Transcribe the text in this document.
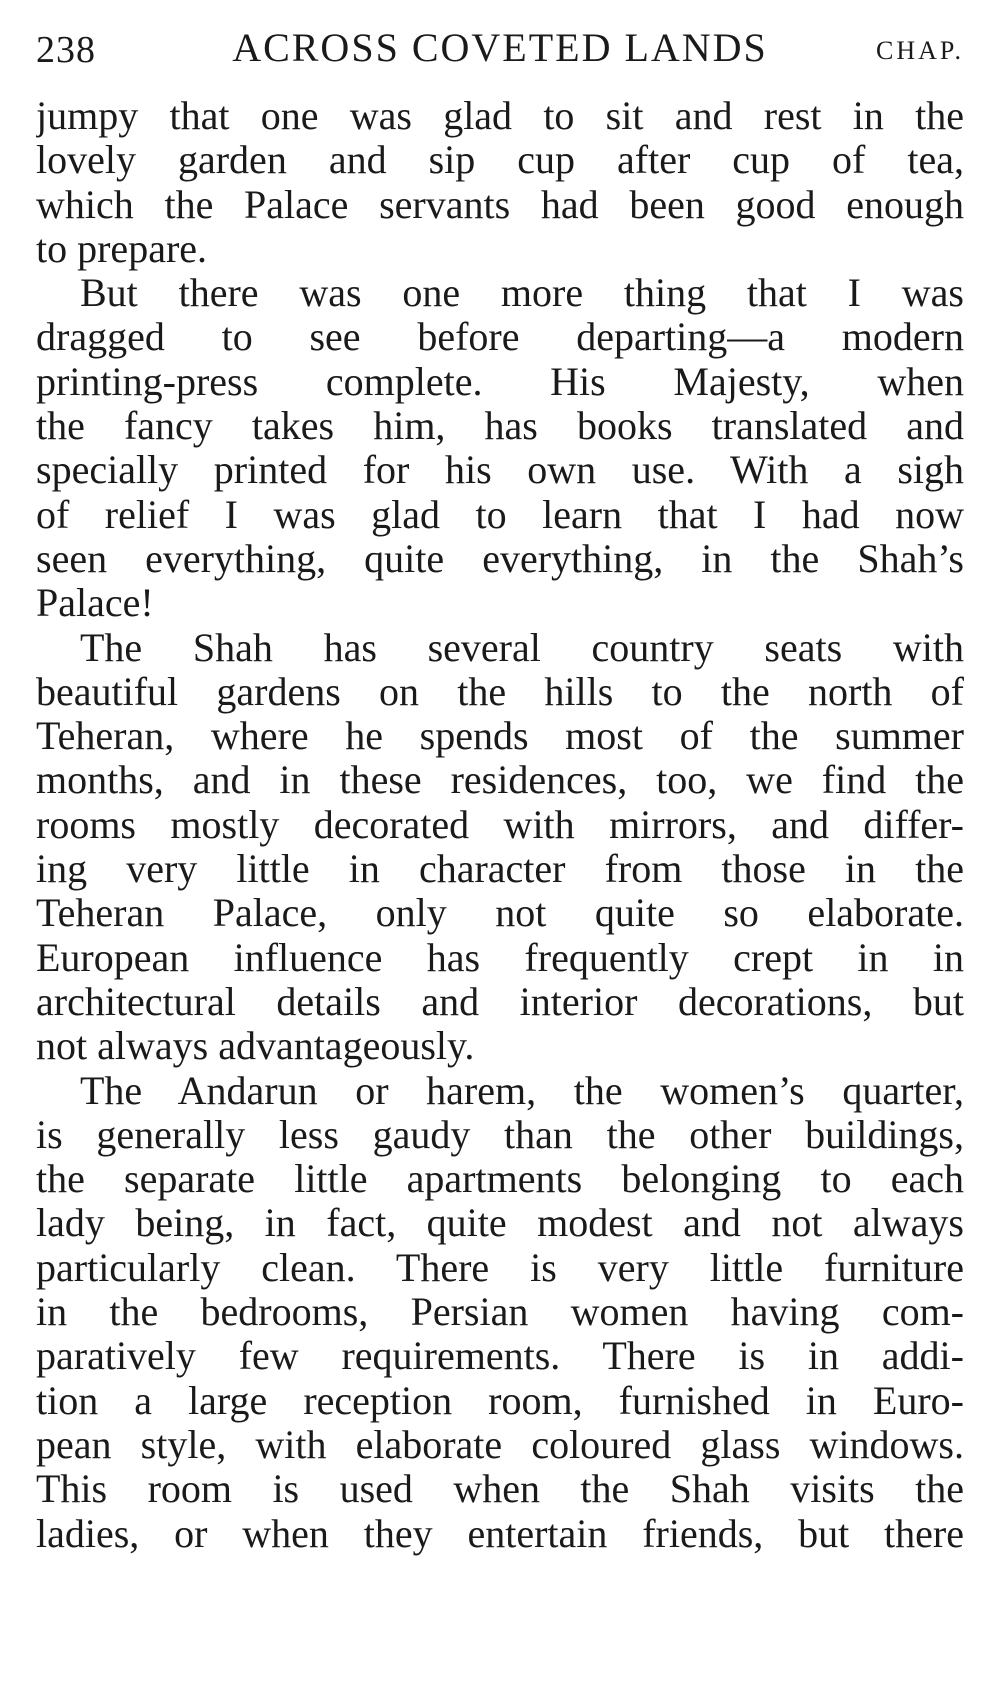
238	ACROSS COVETED LANDS	CHAP.

jumpy that one was glad to sit and rest in the
lovely garden and sip cup after cup of tea,
which the Palace servants had been good enough
to prepare.

But there was one more thing that I was
dragged to see before departing—a modern
printing-press complete. His Majesty, when
the fancy takes him, has books translated and
specially printed for his own use. With a sigh
of relief I was glad to learn that I had now
seen everything, quite everything, in the Shah’s
Palace!

The Shah has several country seats with
beautiful gardens on the hills to the north of
Teheran, where he spends most of the summer
months, and in these residences, too, we find the
rooms mostly decorated with mirrors, and differ-
ing very little in character from those in the
Teheran Palace, only not quite so elaborate.
European influence has frequently crept in in
architectural details and interior decorations, but
not always advantageously.

The Andarun or harem, the women’s quarter,
is generally less gaudy than the other buildings,
the separate little apartments belonging to each
lady being, in fact, quite modest and not always
particularly clean. There is very little furniture
in the bedrooms, Persian women having com-
paratively few requirements. There is in addi-
tion a large reception room, furnished in Euro-
pean style, with elaborate coloured glass windows.
This room is used when the Shah visits the
ladies, or when they entertain friends, but there
